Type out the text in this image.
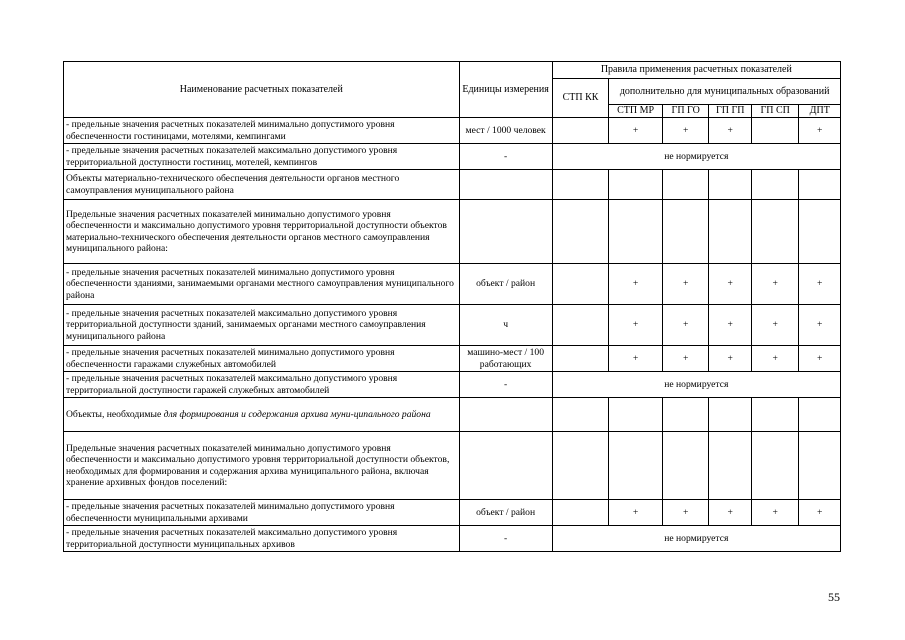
Наименование расчетных показателей	Единицы измерения	Правила применения расчетных показателей					
		СТП КК	дополнительно для муниципальных образований				
			СТП МР	ГП ГО	ГП ГП	ГП СП	ДПТ
- предельные значения расчетных показателей минимально допустимого уровня обеспеченности гостиницами, мотелями, кемпингами	мест / 1000 человек		+	+	+		+
- предельные значения расчетных показателей максимально допустимого уровня территориальной доступности гостиниц, мотелей, кемпингов	-	не нормируется					
Объекты материально-технического обеспечения деятельности органов местного самоуправления муниципального района							
Предельные значения расчетных показателей минимально допустимого уровня обеспеченности и максимально допустимого уровня территориальной доступности объектов материально-технического обеспечения деятельности органов местного самоуправления муниципального района:							
- предельные значения расчетных показателей минимально допустимого уровня обеспеченности зданиями, занимаемыми органами местного самоуправления муниципального района	объект / район		+	+	+	+	+
- предельные значения расчетных показателей максимально допустимого уровня территориальной доступности зданий, занимаемых органами местного самоуправления муниципального района	ч		+	+	+	+	+
- предельные значения расчетных показателей минимально допустимого уровня обеспеченности гаражами служебных автомобилей	машино-мест / 100 работающих		+	+	+	+	+
- предельные значения расчетных показателей максимально допустимого уровня территориальной доступности гаражей служебных автомобилей	-	не нормируется					
Объекты, необходимые для формирования и содержания архива муни-ципального района							
Предельные значения расчетных показателей минимально допустимого уровня обеспеченности и максимально допустимого уровня территориальной доступности объектов, необходимых для формирования и содержания архива муниципального района, включая хранение архивных фондов поселений:							
- предельные значения расчетных показателей минимально допустимого уровня обеспеченности муниципальными архивами	объект / район		+	+	+	+	+
- предельные значения расчетных показателей максимально допустимого уровня территориальной доступности муниципальных архивов	-	не нормируется					
55
